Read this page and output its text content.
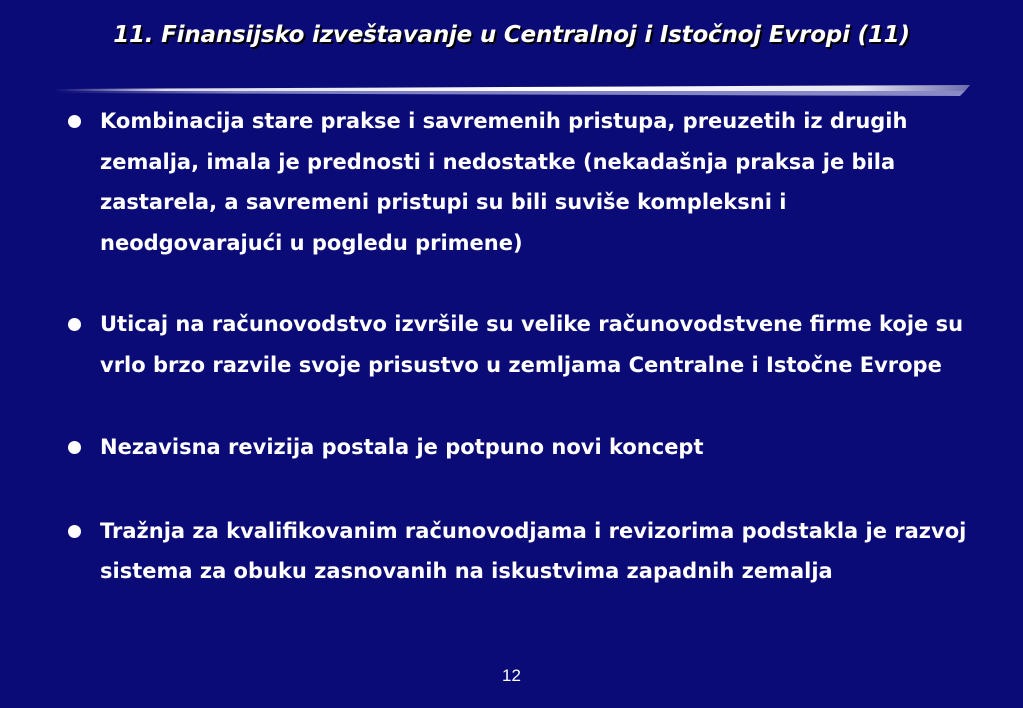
11. Finansijsko izveštavanje u Centralnoj i Istočnoj Evropi (11)
Kombinacija stare prakse i savremenih pristupa, preuzetih iz drugih zemalja, imala je prednosti i nedostatke (nekadašnja praksa je bila zastarela, a savremeni pristupi su bili suviše kompleksni i neodgovarajući u pogledu primene)
Uticaj na računovodstvo izvršile su velike računovodstvene firme koje su vrlo brzo razvile svoje prisustvo u zemljama Centralne i Istočne Evrope
Nezavisna revizija postala je potpuno novi koncept
Tražnja za kvalifikovanim računovodjama i revizorima podstakla je razvoj sistema za obuku zasnovanih na iskustvima zapadnih zemalja
12
